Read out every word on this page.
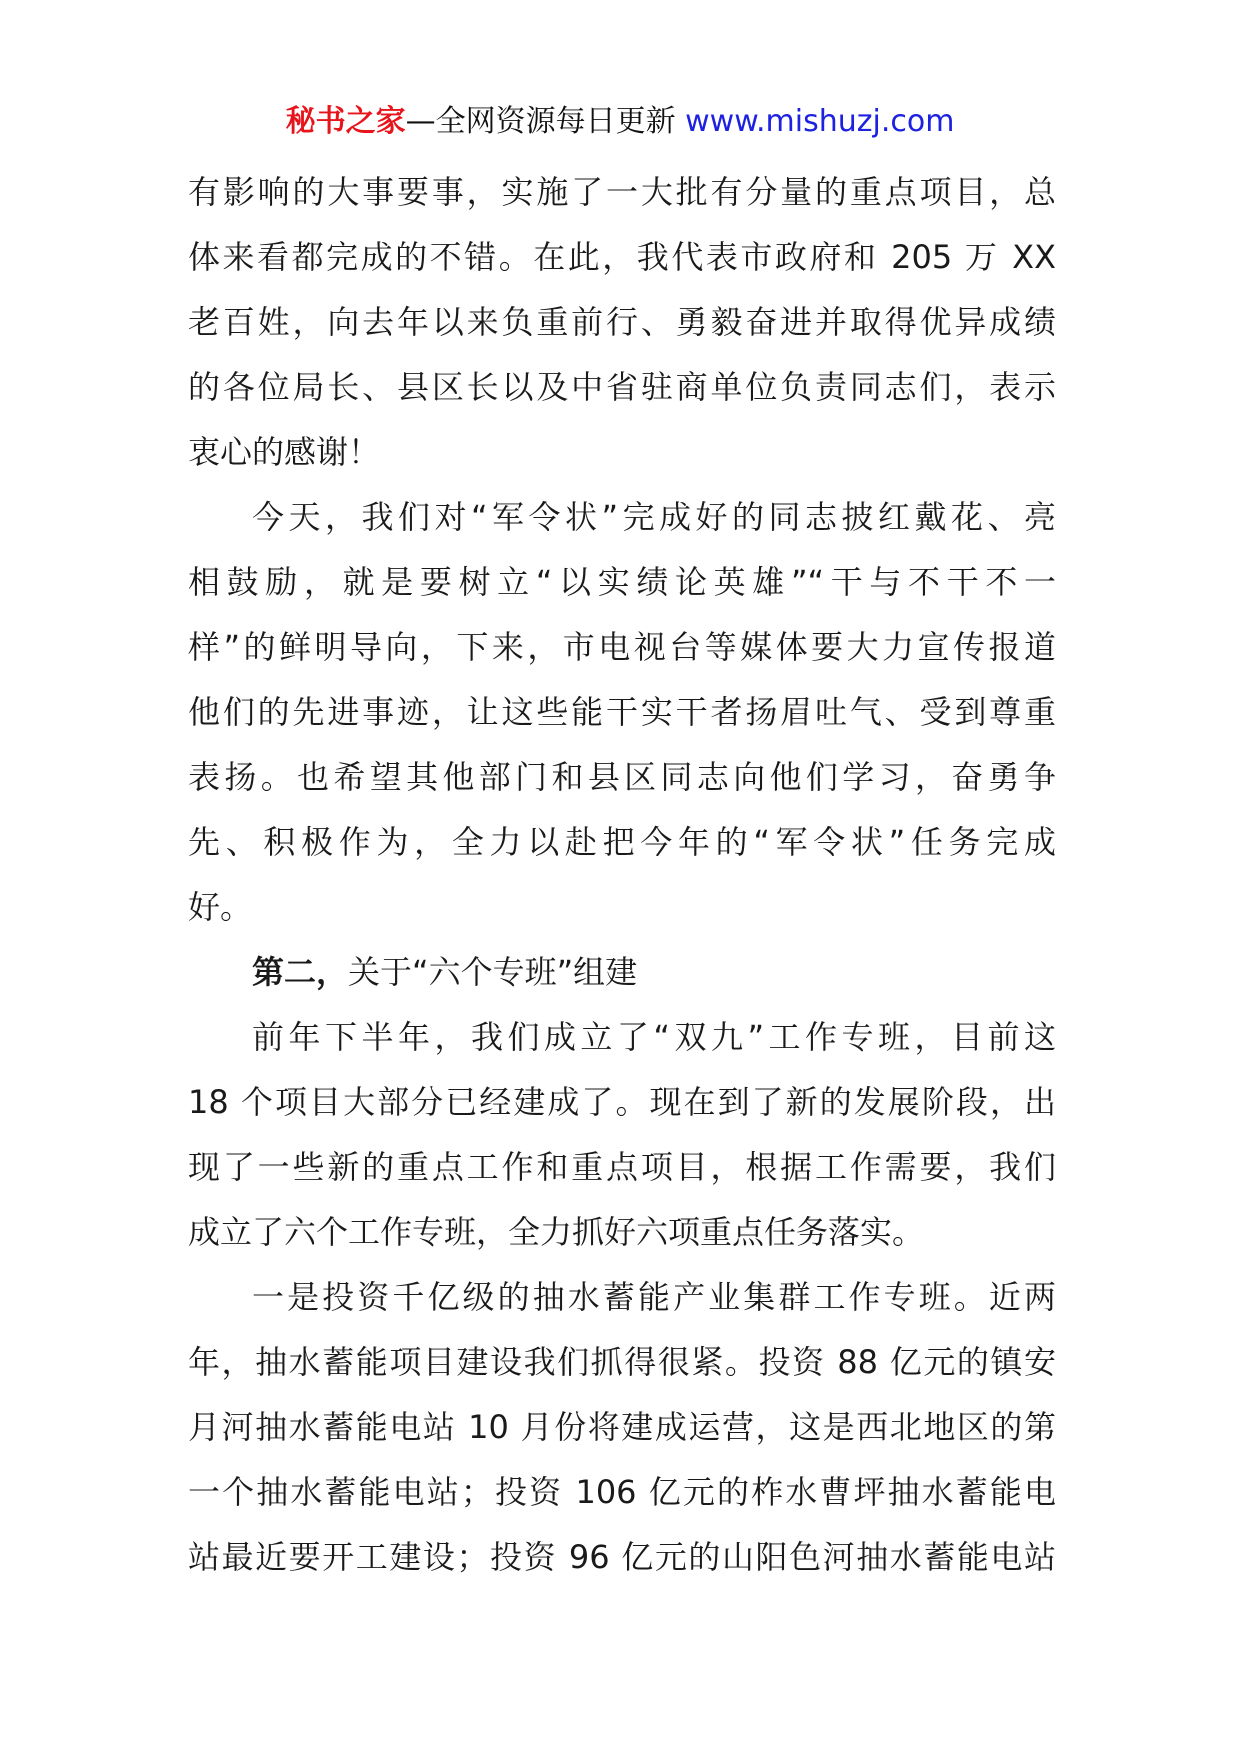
秘书之家—全网资源每日更新 www.mishuzj.com

有影响的大事要事，实施了一大批有分量的重点项目，总
体来看都完成的不错。在此，我代表市政府和 205 万 XX
老百姓，向去年以来负重前行、勇毅奋进并取得优异成绩
的各位局长、县区长以及中省驻商单位负责同志们，表示
衷心的感谢！

今天，我们对“军令状”完成好的同志披红戴花、亮
相鼓励，就是要树立“以实绩论英雄”“干与不干不一
样”的鲜明导向，下来，市电视台等媒体要大力宣传报道
他们的先进事迹，让这些能干实干者扬眉吐气、受到尊重
表扬。也希望其他部门和县区同志向他们学习，奋勇争
先、积极作为，全力以赴把今年的“军令状”任务完成
好。

第二，关于“六个专班”组建

前年下半年，我们成立了“双九”工作专班，目前这
18 个项目大部分已经建成了。现在到了新的发展阶段，出
现了一些新的重点工作和重点项目，根据工作需要，我们
成立了六个工作专班，全力抓好六项重点任务落实。

一是投资千亿级的抽水蓄能产业集群工作专班。近两
年，抽水蓄能项目建设我们抓得很紧。投资 88 亿元的镇安
月河抽水蓄能电站 10 月份将建成运营，这是西北地区的第
一个抽水蓄能电站；投资 106 亿元的柞水曹坪抽水蓄能电
站最近要开工建设；投资 96 亿元的山阳色河抽水蓄能电站
